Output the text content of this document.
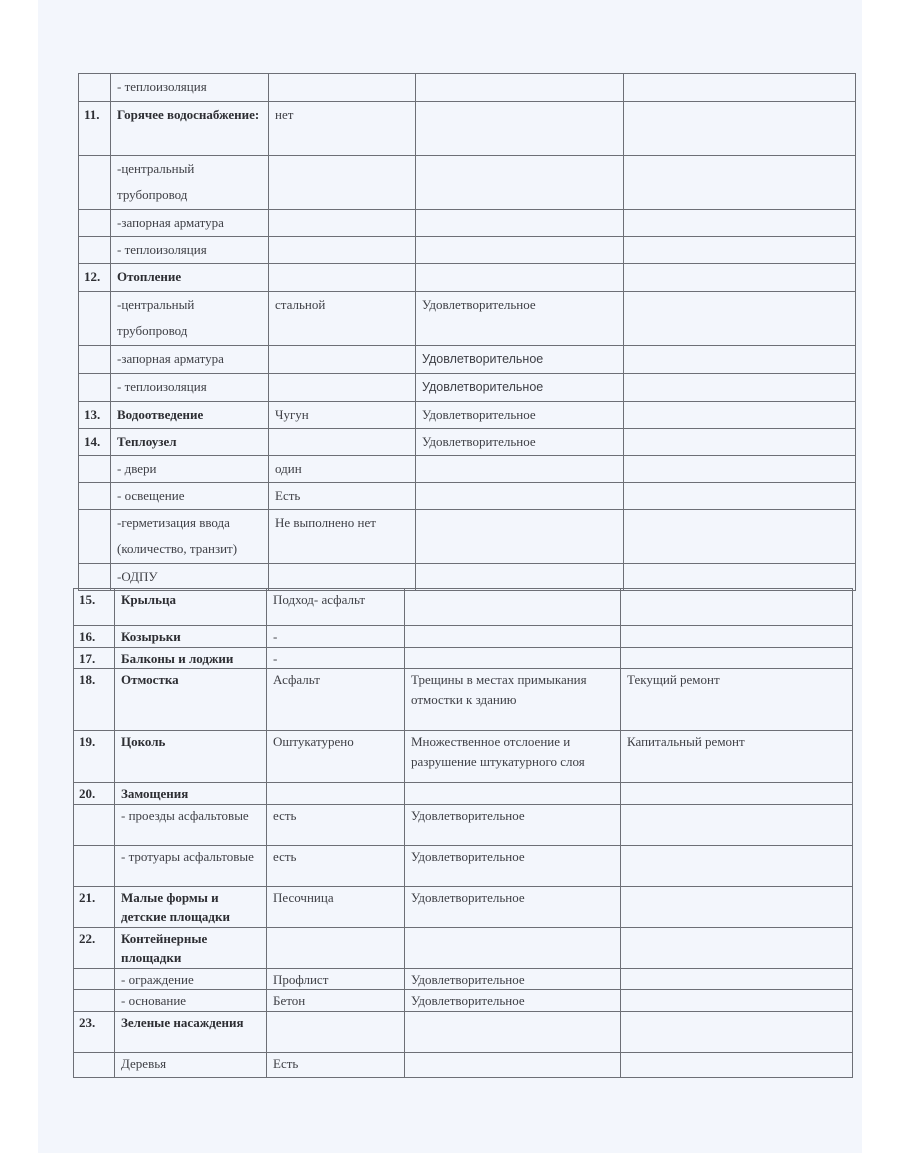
	- теплоизоляция			
11.	Горячее водоснабжение:	нет		
	-центральный трубопровод			
	-запорная арматура			
	- теплоизоляция			
12.	Отопление			
	-центральный трубопровод	стальной	Удовлетворительное	
	-запорная арматура		Удовлетворительное	
	- теплоизоляция		Удовлетворительное	
13.	Водоотведение	Чугун	Удовлетворительное	
14.	Теплоузел		Удовлетворительное	
	- двери	один		
	- освещение	Есть		
	-герметизация ввода (количество, транзит)	Не выполнено нет		
	-ОДПУ			
15.	Крыльца	Подход- асфальт		
16.	Козырьки	-		
17.	Балконы и лоджии	-		
18.	Отмостка	Асфальт	Трещины в местах примыкания отмостки к зданию	Текущий ремонт
19.	Цоколь	Оштукатурено	Множественное отслоение и разрушение штукатурного слоя	Капитальный ремонт
20.	Замощения			
	- проезды асфальтовые	есть	Удовлетворительное	
	- тротуары асфальтовые	есть	Удовлетворительное	
21.	Малые формы и детские площадки	Песочница	Удовлетворительное	
22.	Контейнерные площадки			
	- ограждение	Профлист	Удовлетворительное	
	- основание	Бетон	Удовлетворительное	
23.	Зеленые насаждения			
	Деревья	Есть		
